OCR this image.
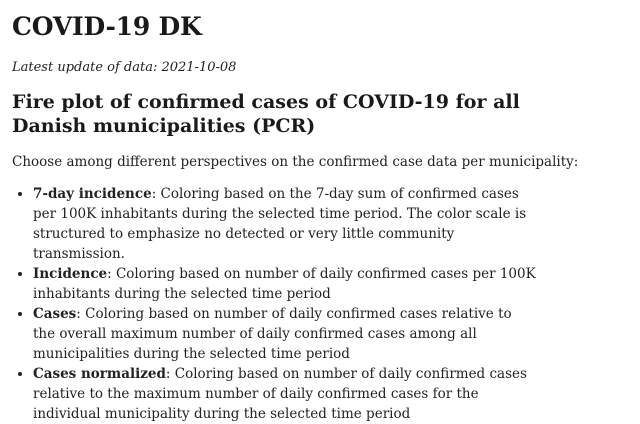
COVID-19 DK
Latest update of data: 2021-10-08
Fire plot of confirmed cases of COVID-19 for all Danish municipalities (PCR)
Choose among different perspectives on the confirmed case data per municipality:
• 7-day incidence: Coloring based on the 7-day sum of confirmed cases per 100K inhabitants during the selected time period. The color scale is structured to emphasize no detected or very little community transmission.
• Incidence: Coloring based on number of daily confirmed cases per 100K inhabitants during the selected time period
• Cases: Coloring based on number of daily confirmed cases relative to the overall maximum number of daily confirmed cases among all municipalities during the selected time period
• Cases normalized: Coloring based on number of daily confirmed cases relative to the maximum number of daily confirmed cases for the individual municipality during the selected time period
